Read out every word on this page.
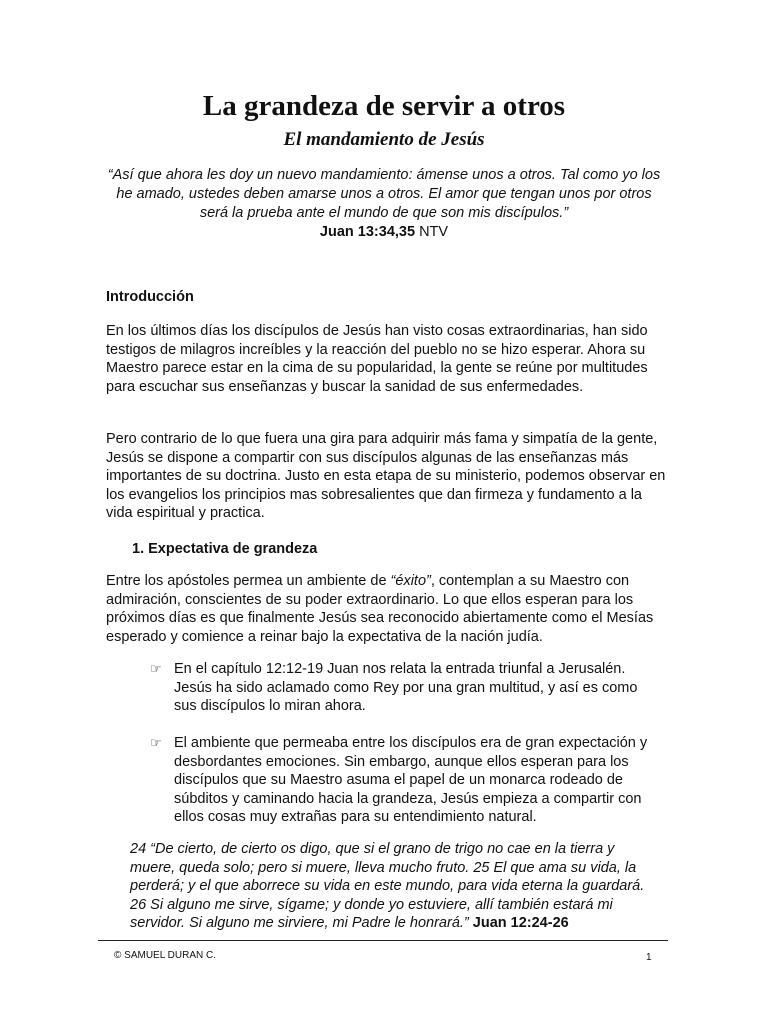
La grandeza de servir a otros
El mandamiento de Jesús

“Así que ahora les doy un nuevo mandamiento: ámense unos a otros. Tal como yo los he amado, ustedes deben amarse unos a otros. El amor que tengan unos por otros será la prueba ante el mundo de que son mis discípulos.”
Juan 13:34,35 NTV

Introducción

En los últimos días los discípulos de Jesús han visto cosas extraordinarias, han sido testigos de milagros increíbles y la reacción del pueblo no se hizo esperar. Ahora su Maestro parece estar en la cima de su popularidad, la gente se reúne por multitudes para escuchar sus enseñanzas y buscar la sanidad de sus enfermedades.

Pero contrario de lo que fuera una gira para adquirir más fama y simpatía de la gente, Jesús se dispone a compartir con sus discípulos algunas de las enseñanzas más importantes de su doctrina. Justo en esta etapa de su ministerio, podemos observar en los evangelios los principios mas sobresalientes que dan firmeza y fundamento a la vida espiritual y practica.

1. Expectativa de grandeza

Entre los apóstoles permea un ambiente de “éxito”, contemplan a su Maestro con admiración, conscientes de su poder extraordinario. Lo que ellos esperan para los próximos días es que finalmente Jesús sea reconocido abiertamente como el Mesías esperado y comience a reinar bajo la expectativa de la nación judía.

☞ En el capítulo 12:12-19 Juan nos relata la entrada triunfal a Jerusalén. Jesús ha sido aclamado como Rey por una gran multitud, y así es como sus discípulos lo miran ahora.
☞ El ambiente que permeaba entre los discípulos era de gran expectación y desbordantes emociones. Sin embargo, aunque ellos esperan para los discípulos que su Maestro asuma el papel de un monarca rodeado de súbditos y caminando hacia la grandeza, Jesús empieza a compartir con ellos cosas muy extrañas para su entendimiento natural.

24 “De cierto, de cierto os digo, que si el grano de trigo no cae en la tierra y muere, queda solo; pero si muere, lleva mucho fruto. 25 El que ama su vida, la perderá; y el que aborrece su vida en este mundo, para vida eterna la guardará. 26 Si alguno me sirve, sígame; y donde yo estuviere, allí también estará mi servidor. Si alguno me sirviere, mi Padre le honrará.” Juan 12:24-26

© SAMUEL DURAN C.	1
